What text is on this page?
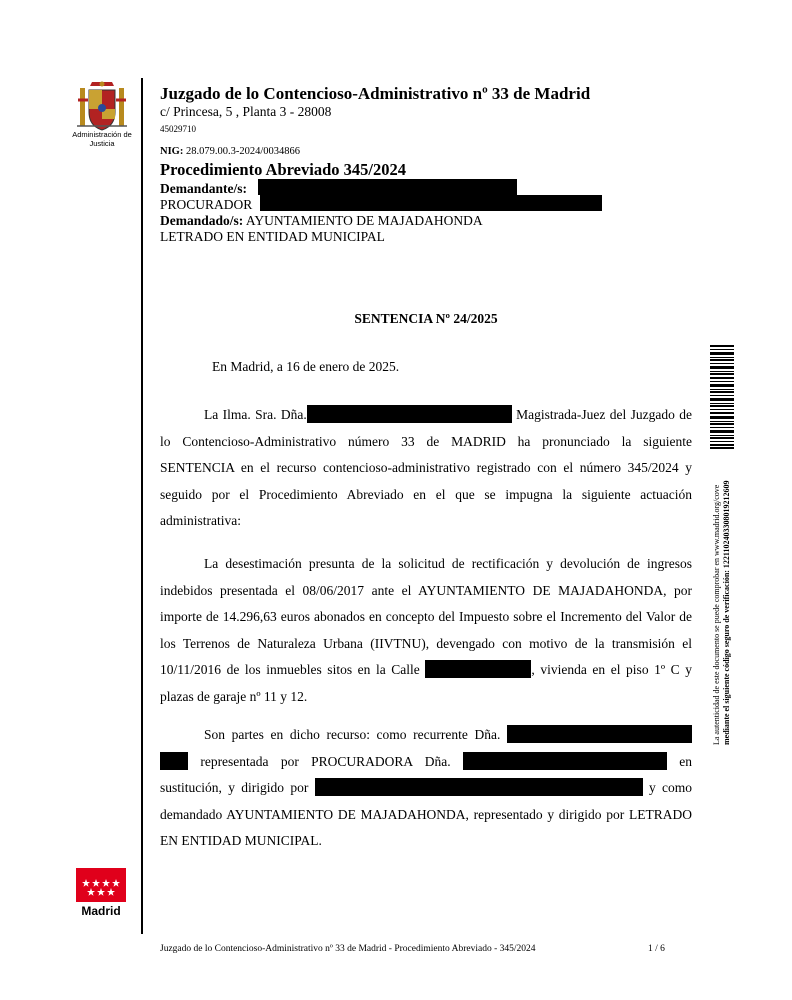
Administración de Justicia
Juzgado de lo Contencioso-Administrativo nº 33 de Madrid
c/ Princesa, 5 , Planta 3 - 28008
45029710
NIG: 28.079.00.3-2024/0034866
Procedimiento Abreviado 345/2024
Demandante/s:
PROCURADOR
Demandado/s: AYUNTAMIENTO DE MAJADAHONDA
LETRADO EN ENTIDAD MUNICIPAL
SENTENCIA Nº 24/2025
En Madrid, a 16 de enero de 2025.

La Ilma. Sra. Dña.	Magistrada-Juez del Juzgado de lo Contencioso-Administrativo número 33 de MADRID ha pronunciado la siguiente SENTENCIA en el recurso contencioso-administrativo registrado con el número 345/2024 y seguido por el Procedimiento Abreviado en el que se impugna la siguiente actuación administrativa:

La desestimación presunta de la solicitud de rectificación y devolución de ingresos indebidos presentada el 08/06/2017 ante el AYUNTAMIENTO DE MAJADAHONDA, por importe de 14.296,63 euros abonados en concepto del Impuesto sobre el Incremento del Valor de los Terrenos de Naturaleza Urbana (IIVTNU), devengado con motivo de la transmisión el 10/11/2016 de los inmuebles sitos en la Calle	, vivienda en el piso 1º C y plazas de garaje nº 11 y 12.

Son partes en dicho recurso: como recurrente Dña.   representada por PROCURADORA Dña.	en sustitución, y dirigido por	y como demandado AYUNTAMIENTO DE MAJADAHONDA, representado y dirigido por LETRADO EN ENTIDAD MUNICIPAL.

La autenticidad de este documento se puede comprobar en www.madrid.org/cove mediante el siguiente código seguro de verificación: 1221102403308019212609
Madrid
Juzgado de lo Contencioso-Administrativo nº 33 de Madrid - Procedimiento Abreviado - 345/2024	1 / 6
